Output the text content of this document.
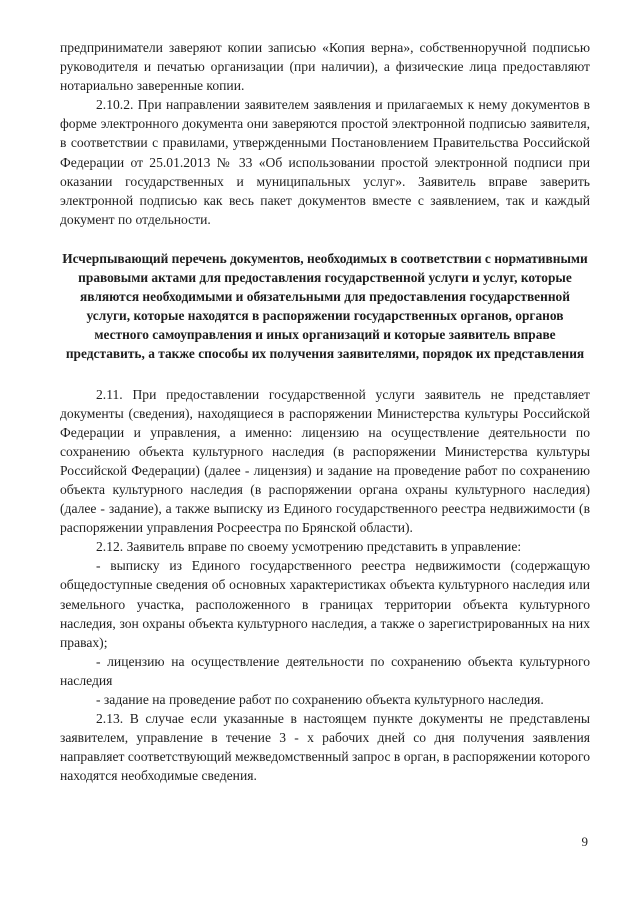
предприниматели заверяют копии записью «Копия верна», собственноручной подписью руководителя и печатью организации (при наличии), а физические лица предоставляют нотариально заверенные копии.

2.10.2. При направлении заявителем заявления и прилагаемых к нему документов в форме электронного документа они заверяются простой электронной подписью заявителя, в соответствии с правилами, утвержденными Постановлением Правительства Российской Федерации от 25.01.2013 № 33 «Об использовании простой электронной подписи при оказании государственных и муниципальных услуг». Заявитель вправе заверить электронной подписью как весь пакет документов вместе с заявлением, так и каждый документ по отдельности.

Исчерпывающий перечень документов, необходимых в соответствии с нормативными правовыми актами для предоставления государственной услуги и услуг, которые являются необходимыми и обязательными для предоставления государственной услуги, которые находятся в распоряжении государственных органов, органов местного самоуправления и иных организаций и которые заявитель вправе представить, а также способы их получения заявителями, порядок их представления

2.11. При предоставлении государственной услуги заявитель не представляет документы (сведения), находящиеся в распоряжении Министерства культуры Российской Федерации и управления, а именно: лицензию на осуществление деятельности по сохранению объекта культурного наследия (в распоряжении Министерства культуры Российской Федерации) (далее - лицензия) и задание на проведение работ по сохранению объекта культурного наследия (в распоряжении органа охраны культурного наследия) (далее - задание), а также выписку из Единого государственного реестра недвижимости (в распоряжении управления Росреестра по Брянской области).

2.12. Заявитель вправе по своему усмотрению представить в управление:

- выписку из Единого государственного реестра недвижимости (содержащую общедоступные сведения об основных характеристиках объекта культурного наследия или земельного участка, расположенного в границах территории объекта культурного наследия, зон охраны объекта культурного наследия, а также о зарегистрированных на них правах);

- лицензию на осуществление деятельности по сохранению объекта культурного наследия

- задание на проведение работ по сохранению объекта культурного наследия.

2.13. В случае если указанные в настоящем пункте документы не представлены заявителем, управление в течение 3 - х рабочих дней со дня получения заявления направляет соответствующий межведомственный запрос в орган, в распоряжении которого находятся необходимые сведения.

9
